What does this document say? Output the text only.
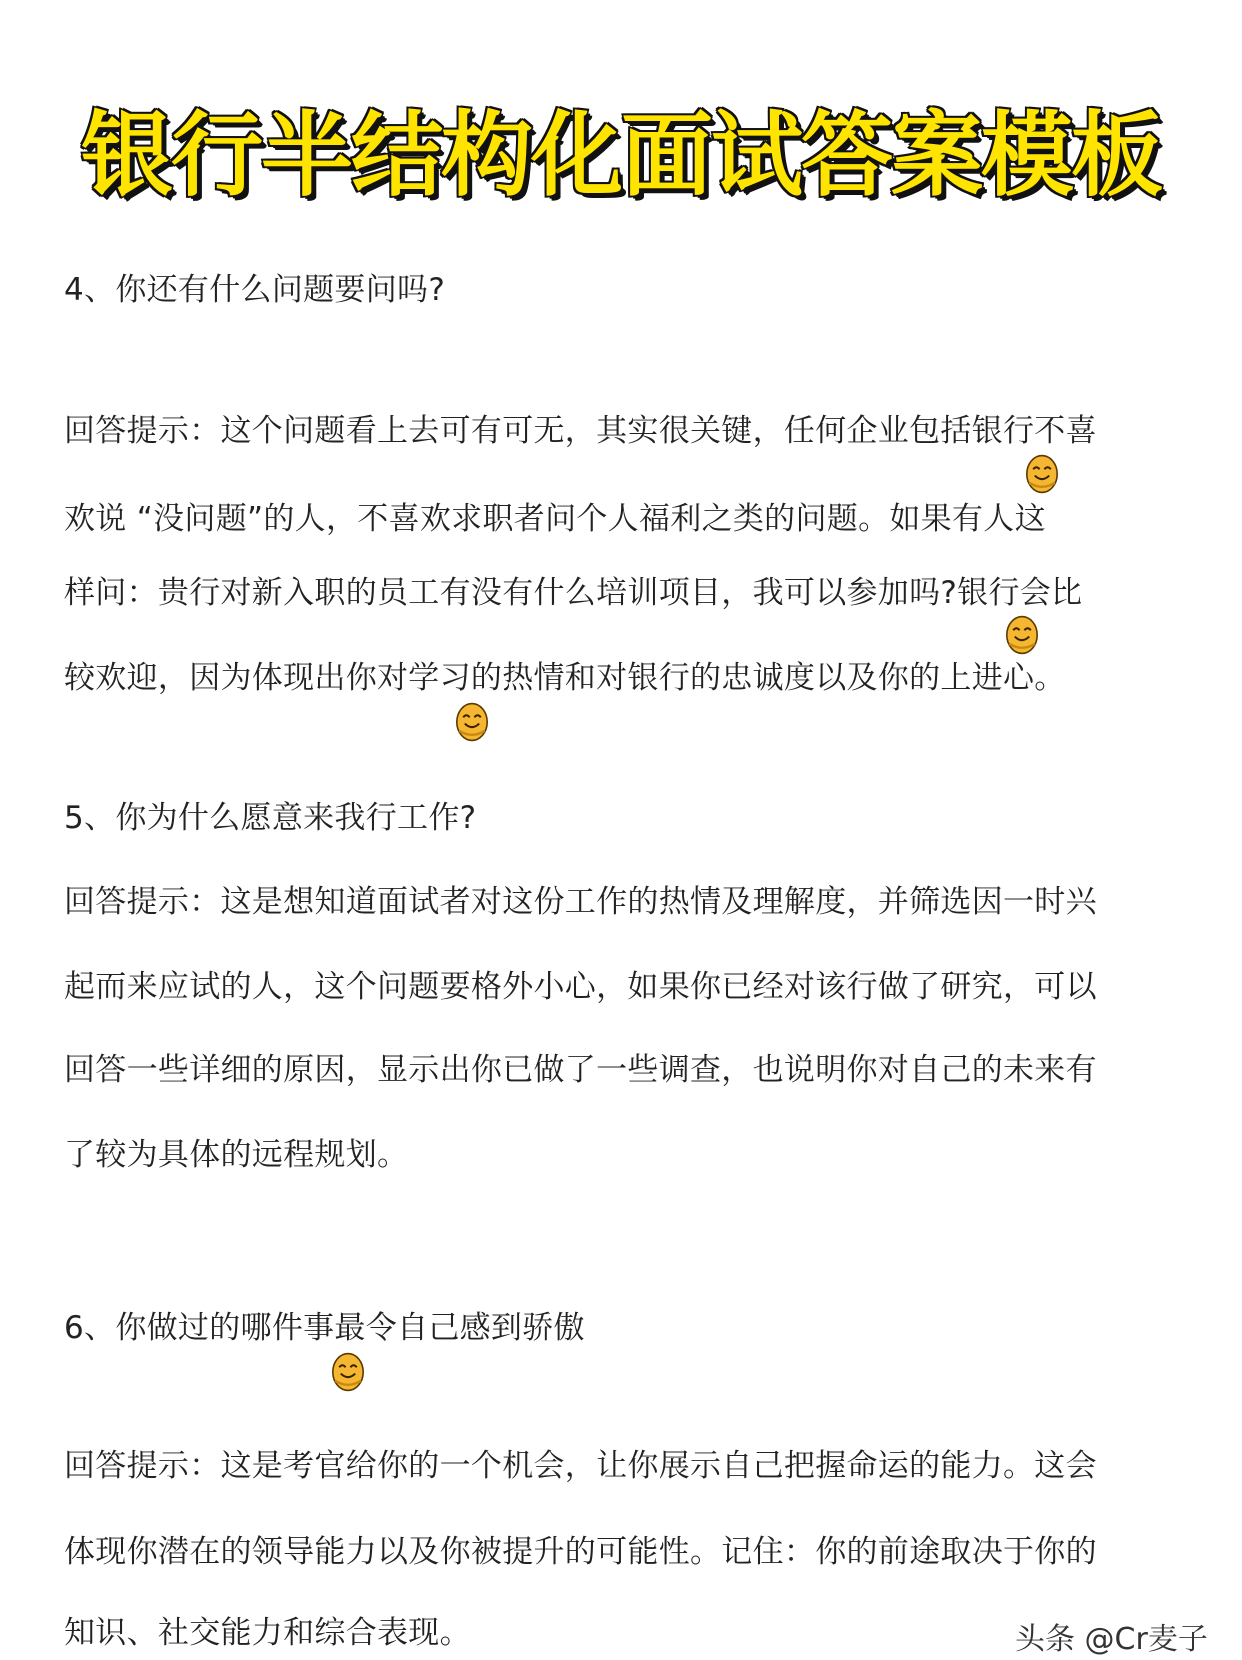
银行半结构化面试答案模板
4、你还有什么问题要问吗?
回答提示：这个问题看上去可有可无，其实很关键，任何企业包括银行不喜
欢说 “没问题”的人，不喜欢求职者问个人福利之类的问题。如果有人这
样问：贵行对新入职的员工有没有什么培训项目，我可以参加吗?银行会比
较欢迎，因为体现出你对学习的热情和对银行的忠诚度以及你的上进心。
5、你为什么愿意来我行工作?
回答提示：这是想知道面试者对这份工作的热情及理解度，并筛选因一时兴
起而来应试的人，这个问题要格外小心，如果你已经对该行做了研究，可以
回答一些详细的原因，显示出你已做了一些调查，也说明你对自己的未来有
了较为具体的远程规划。
6、你做过的哪件事最令自己感到骄傲
回答提示：这是考官给你的一个机会，让你展示自己把握命运的能力。这会
体现你潜在的领导能力以及你被提升的可能性。记住：你的前途取决于你的
知识、社交能力和综合表现。	头条 @Cr麦子
